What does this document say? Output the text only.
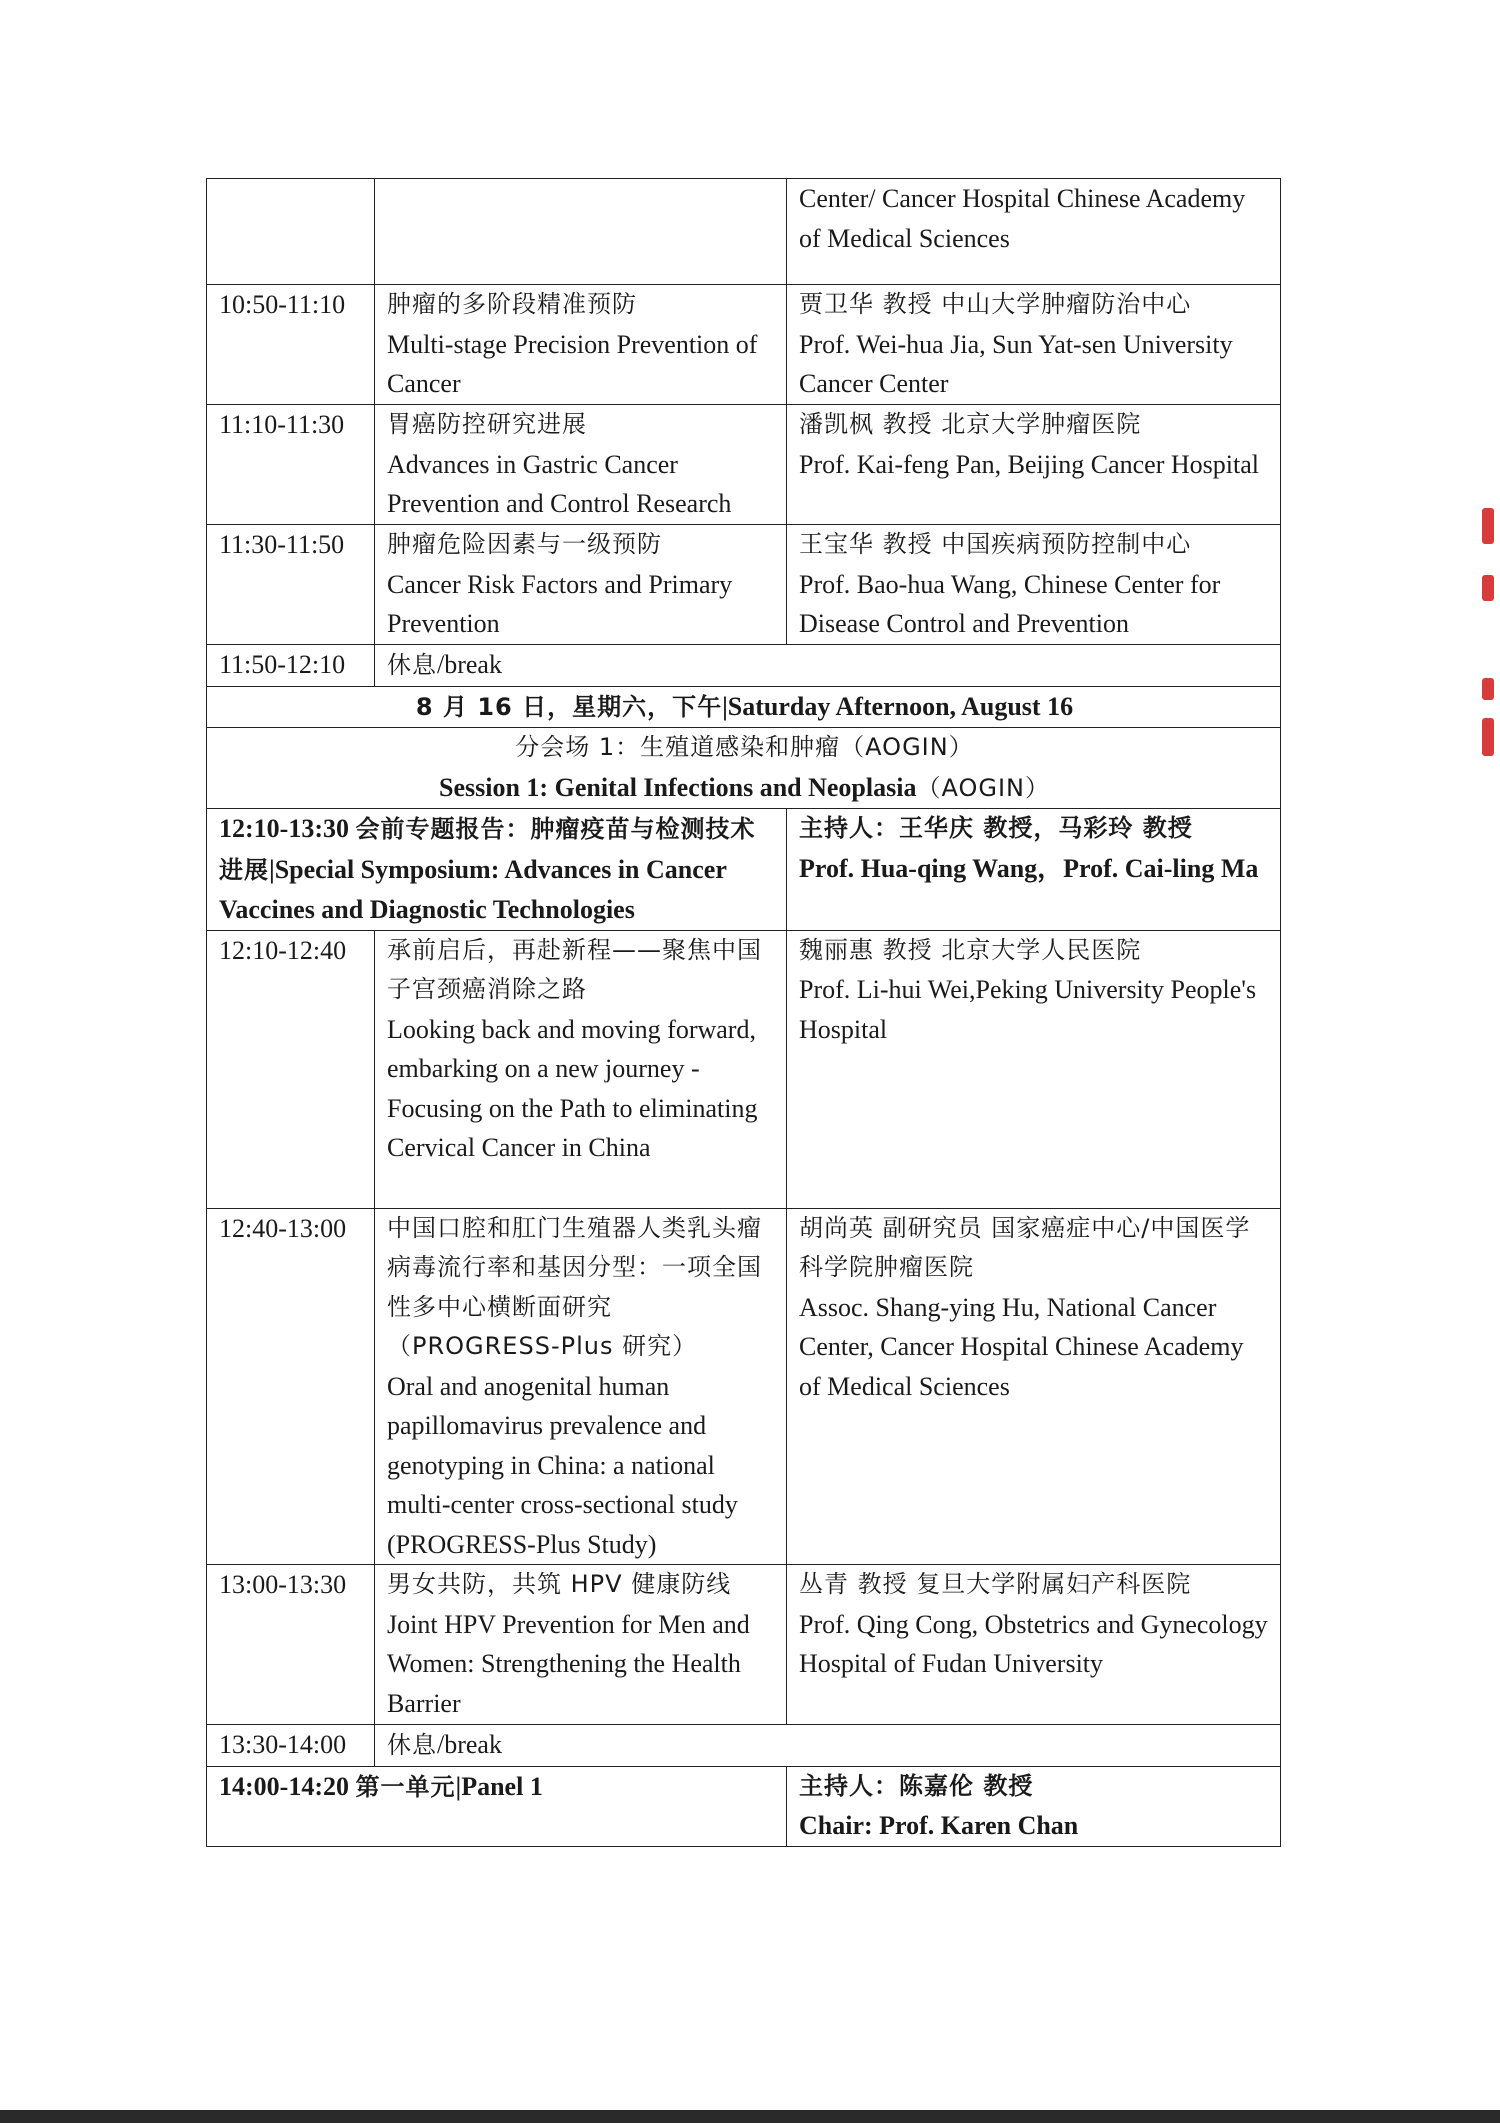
		Center/ Cancer Hospital Chinese Academy of Medical Sciences
10:50-11:10	肿瘤的多阶段精准预防
Multi-stage Precision Prevention of Cancer	贾卫华 教授 中山大学肿瘤防治中心
Prof. Wei-hua Jia, Sun Yat-sen University Cancer Center

11:10-11:30	胃癌防控研究进展
Advances in Gastric Cancer Prevention and Control Research	潘凯枫 教授 北京大学肿瘤医院
Prof. Kai-feng Pan, Beijing Cancer Hospital

11:30-11:50	肿瘤危险因素与一级预防
Cancer Risk Factors and Primary Prevention	王宝华 教授 中国疾病预防控制中心
Prof. Bao-hua Wang, Chinese Center for Disease Control and Prevention

11:50-12:10	休息/break	
8 月 16 日，星期六，下午|Saturday Afternoon, August 16		

分会场 1：生殖道感染和肿瘤（AOGIN）
Session 1: Genital Infections and Neoplasia（AOGIN）		

12:10-13:30 会前专题报告：肿瘤疫苗与检测技术进展|Special Symposium: Advances in Cancer Vaccines and Diagnostic Technologies		主持人：王华庆 教授，马彩玲 教授
Prof. Hua-qing Wang，Prof. Cai-ling Ma

12:10-12:40	承前启后，再赴新程——聚焦中国子宫颈癌消除之路
Looking back and moving forward, embarking on a new journey - Focusing on the Path to eliminating Cervical Cancer in China	魏丽惠 教授 北京大学人民医院
Prof. Li-hui Wei,Peking University People's Hospital

12:40-13:00	中国口腔和肛门生殖器人类乳头瘤病毒流行率和基因分型：一项全国性多中心横断面研究
（PROGRESS-Plus 研究）
Oral and anogenital human papillomavirus prevalence and genotyping in China: a national multi-center cross-sectional study (PROGRESS-Plus Study)	胡尚英 副研究员 国家癌症中心/中国医学科学院肿瘤医院
Assoc. Shang-ying Hu, National Cancer Center, Cancer Hospital Chinese Academy of Medical Sciences

13:00-13:30	男女共防，共筑 HPV 健康防线
Joint HPV Prevention for Men and Women: Strengthening the Health Barrier	丛青 教授 复旦大学附属妇产科医院
Prof. Qing Cong, Obstetrics and Gynecology Hospital of Fudan University

13:30-14:00	休息/break	
14:00-14:20 第一单元|Panel 1		主持人：陈嘉伦 教授
Chair: Prof. Karen Chan
